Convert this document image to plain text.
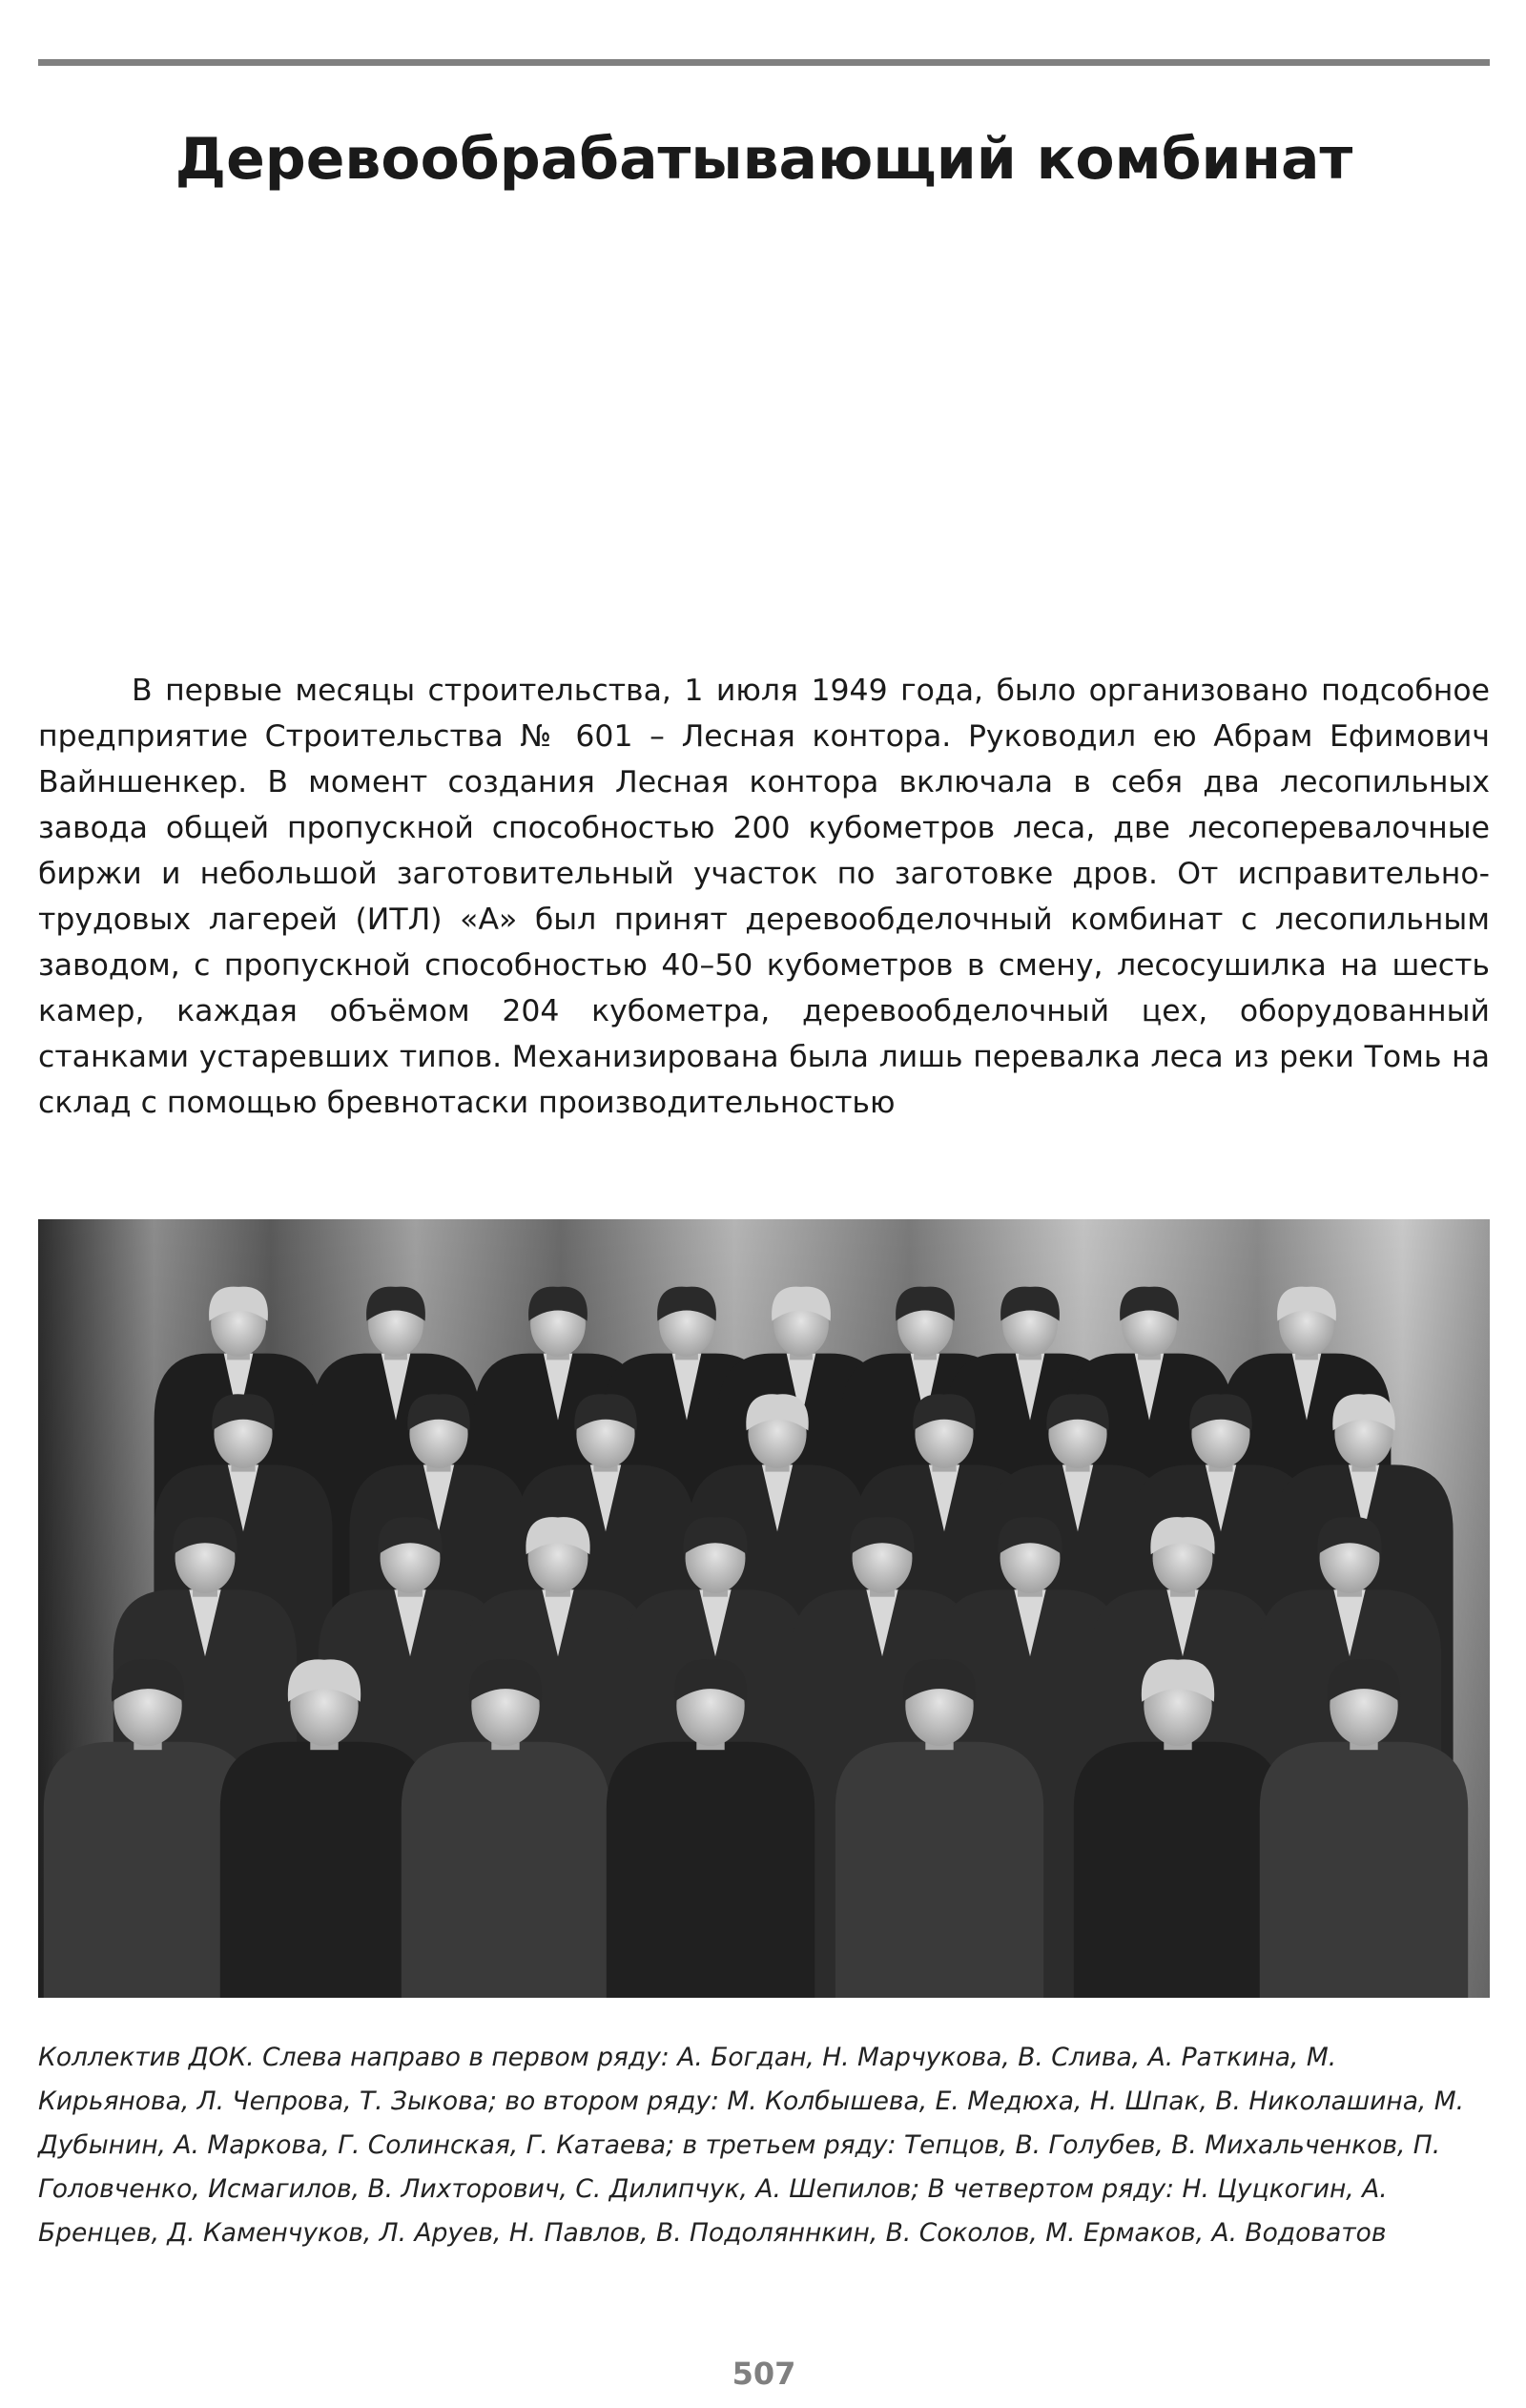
Деревообрабатывающий комбинат

В первые месяцы строительства, 1 июля 1949 года, было организовано подсобное предприятие Строительства № 601 – Лесная контора. Руководил ею Абрам Ефимович Вайншенкер. В момент создания Лесная контора включала в себя два лесопильных завода общей пропускной способностью 200 кубометров леса, две лесоперевалочные биржи и небольшой заготовительный участок по заготовке дров. От исправительно-трудовых лагерей (ИТЛ) «А» был принят деревообделочный комбинат с лесопильным заводом, с пропускной способностью 40–50 кубометров в смену, лесосушилка на шесть камер, каждая объёмом 204 кубометра, деревообделочный цех, оборудованный станками устаревших типов. Механизирована была лишь перевалка леса из реки Томь на склад с помощью бревнотаски производительностью

Коллектив ДОК. Слева направо в первом ряду: А. Богдан, Н. Марчукова, В. Слива, А. Раткина, М. Кирьянова, Л. Чепрова, Т. Зыкова; во втором ряду: М. Колбышева, Е. Медюха, Н. Шпак, В. Николашина, М. Дубынин, А. Маркова, Г. Солинская, Г. Катаева; в третьем ряду: Тепцов, В. Голубев, В. Михальченков, П. Головченко, Исмагилов, В. Лихторович, С. Дилипчук, А. Шепилов; В четвертом ряду: Н. Цуцкогин, А. Бренцев, Д. Каменчуков, Л. Аруев, Н. Павлов, В. Подоляннкин, В. Соколов, М. Ермаков, А. Водоватов

507
